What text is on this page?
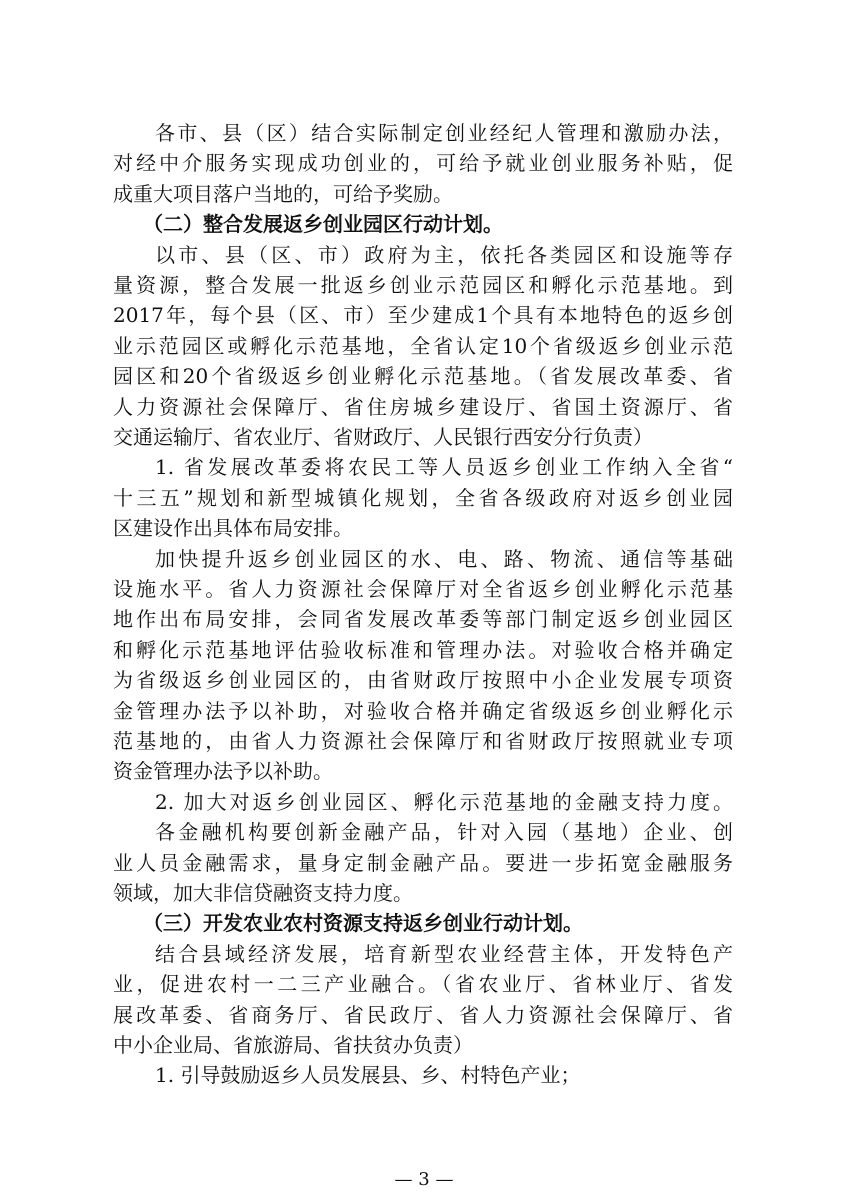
各市、县（区）结合实际制定创业经纪人管理和激励办法，
对经中介服务实现成功创业的，可给予就业创业服务补贴，促
成重大项目落户当地的，可给予奖励。
（二）整合发展返乡创业园区行动计划。
以市、县（区、市）政府为主，依托各类园区和设施等存
量资源，整合发展一批返乡创业示范园区和孵化示范基地。到
2017年，每个县（区、市）至少建成1个具有本地特色的返乡创
业示范园区或孵化示范基地，全省认定10个省级返乡创业示范
园区和20个省级返乡创业孵化示范基地。（省发展改革委、省
人力资源社会保障厅、省住房城乡建设厅、省国土资源厅、省
交通运输厅、省农业厅、省财政厅、人民银行西安分行负责）
1. 省发展改革委将农民工等人员返乡创业工作纳入全省“
十三五”规划和新型城镇化规划，全省各级政府对返乡创业园
区建设作出具体布局安排。
加快提升返乡创业园区的水、电、路、物流、通信等基础
设施水平。省人力资源社会保障厅对全省返乡创业孵化示范基
地作出布局安排，会同省发展改革委等部门制定返乡创业园区
和孵化示范基地评估验收标准和管理办法。对验收合格并确定
为省级返乡创业园区的，由省财政厅按照中小企业发展专项资
金管理办法予以补助，对验收合格并确定省级返乡创业孵化示
范基地的，由省人力资源社会保障厅和省财政厅按照就业专项
资金管理办法予以补助。
2. 加大对返乡创业园区、孵化示范基地的金融支持力度。
各金融机构要创新金融产品，针对入园（基地）企业、创
业人员金融需求，量身定制金融产品。要进一步拓宽金融服务
领域，加大非信贷融资支持力度。
（三）开发农业农村资源支持返乡创业行动计划。
结合县域经济发展，培育新型农业经营主体，开发特色产
业，促进农村一二三产业融合。（省农业厅、省林业厅、省发
展改革委、省商务厅、省民政厅、省人力资源社会保障厅、省
中小企业局、省旅游局、省扶贫办负责）
1. 引导鼓励返乡人员发展县、乡、村特色产业；
— 3 —
